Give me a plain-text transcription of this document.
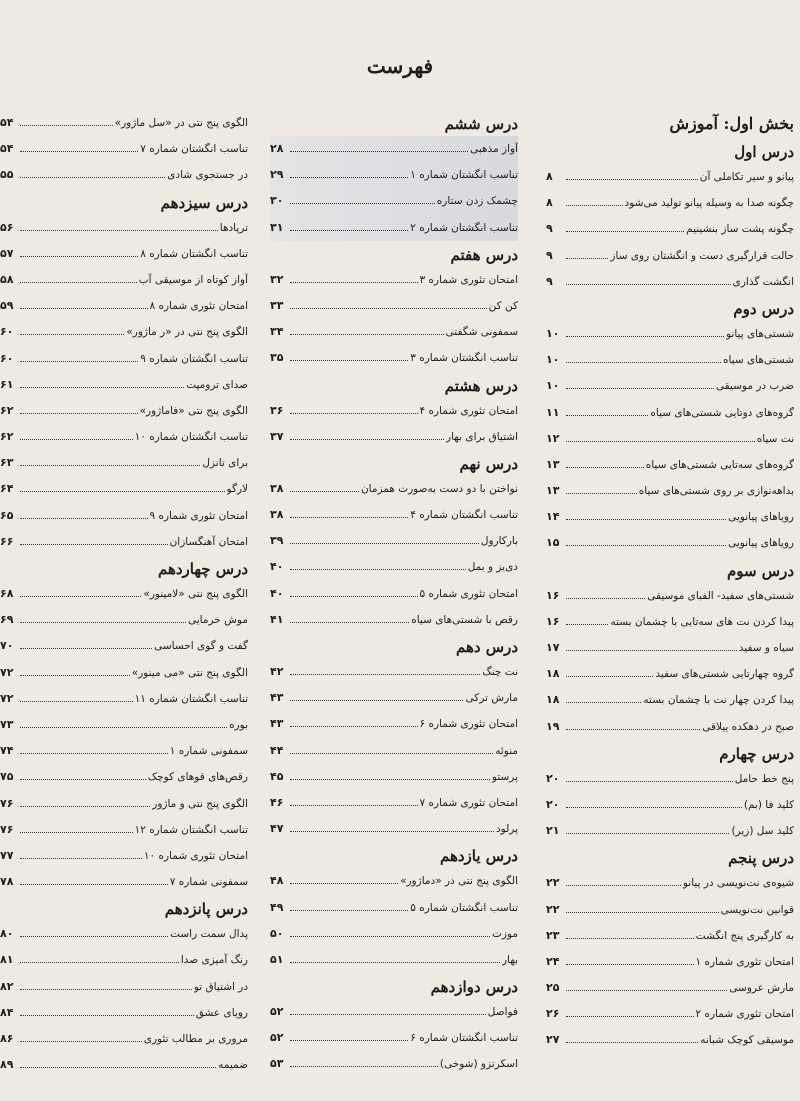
فهرست
بخش اول: آموزش
درس اول
پیانو و سیر تکاملی آن
۸
چگونه صدا به وسیله پیانو تولید می‌شود
۸
چگونه پشت ساز بنشینیم
۹
حالت قرارگیری دست و انگشتان روی ساز
۹
انگشت گذاری
۹
درس دوم
شستی‌های پیانو
۱۰
شستی‌های سیاه
۱۰
ضرب در موسیقی
۱۰
گروه‌های دوتایی شستی‌های سیاه
۱۱
نت سیاه
۱۲
گروه‌های سه‌تایی شستی‌های سیاه
۱۳
بداهه‌نوازی بر روی شستی‌های سیاه
۱۳
رویاهای پیانویی
۱۴
رویاهای پیانویی
۱۵
درس سوم
شستی‌های سفید- الفبای موسیقی
۱۶
پیدا کردن نت های سه‌تایی با چشمان بسته
۱۶
سیاه و سفید
۱۷
گروه چهارتایی شستی‌های سفید
۱۸
پیدا کردن چهار نت با چشمان بسته
۱۸
صبح در دهکده ییلاقی
۱۹
درس چهارم
پنج خط حامل
۲۰
کلید فا (بم)
۲۰
کلید سل (زیر)
۲۱
درس پنجم
شیوه‌ی نت‌نویسی در پیانو
۲۲
قوانین نت‌نویسی
۲۲
به کارگیری پنج انگشت
۲۳
امتحان تئوری شماره ۱
۲۴
مارش عروسی
۲۵
امتحان تئوری شماره ۲
۲۶
موسیقی کوچک شبانه
۲۷
درس ششم
آواز مذهبی
۲۸
تناسب انگشتان شماره ۱
۲۹
چشمک زدن ستاره
۳۰
تناسب انگشتان شماره ۲
۳۱
درس هفتم
امتحان تئوری شماره ۳
۳۲
کن کن
۳۳
سمفونی شگفتی
۳۴
تناسب انگشتان شماره ۳
۳۵
درس هشتم
امتحان تئوری شماره ۴
۳۶
اشتیاق برای بهار
۳۷
درس نهم
نواختن با دو دست به‌صورت همزمان
۳۸
تناسب انگشتان شماره ۴
۳۸
بارکارول
۳۹
دی‌یز و بمل
۴۰
امتحان تئوری شماره ۵
۴۰
رقص با شستی‌های سیاه
۴۱
درس دهم
نت چنگ
۴۲
مارش ترکی
۴۳
امتحان تئوری شماره ۶
۴۳
منوئه
۴۴
پرستو
۴۵
امتحان تئوری شماره ۷
۴۶
پرلود
۴۷
درس یازدهم
الگوی پنج نتی در «دماژور»
۴۸
تناسب انگشتان شماره ۵
۴۹
موزت
۵۰
بهار
۵۱
درس دوازدهم
فواصل
۵۲
تناسب انگشتان شماره ۶
۵۲
اسکرتزو (شوخی)
۵۳
الگوی پنج نتی در «سل ماژور»
۵۴
تناسب انگشتان شماره ۷
۵۴
در جستجوی شادی
۵۵
درس سیزدهم
ترپادها
۵۶
تناسب انگشتان شماره ۸
۵۷
آواز کوتاه از موسیقی آب
۵۸
امتحان تئوری شماره ۸
۵۹
الگوی پنج نتی در «ر ماژور»
۶۰
تناسب انگشتان شماره ۹
۶۰
صدای ترومپت
۶۱
الگوی پنج نتی «فاماژور»
۶۲
تناسب انگشتان شماره ۱۰
۶۲
برای تانزل
۶۳
لارگو
۶۴
امتحان تئوری شماره ۹
۶۵
امتحان آهنگسازان
۶۶
درس چهاردهم
الگوی پنج نتی «لامینور»
۶۸
موش خرمایی
۶۹
گفت و گوی احساسی
۷۰
الگوی پنج نتی «می مینور»
۷۲
تناسب انگشتان شماره ۱۱
۷۲
بوره
۷۳
سمفونی شماره ۱
۷۴
رقص‌های قوهای کوچک
۷۵
الگوی پنج نتی و ماژور
۷۶
تناسب انگشتان شماره ۱۲
۷۶
امتحان تئوری شماره ۱۰
۷۷
سمفونی شماره ۷
۷۸
درس پانزدهم
پدال سمت راست
۸۰
رنگ آمیزی صدا
۸۱
در اشتیاق تو
۸۲
رویای عشق
۸۴
مروری بر مطالب تئوری
۸۶
ضمیمه
۸۹
